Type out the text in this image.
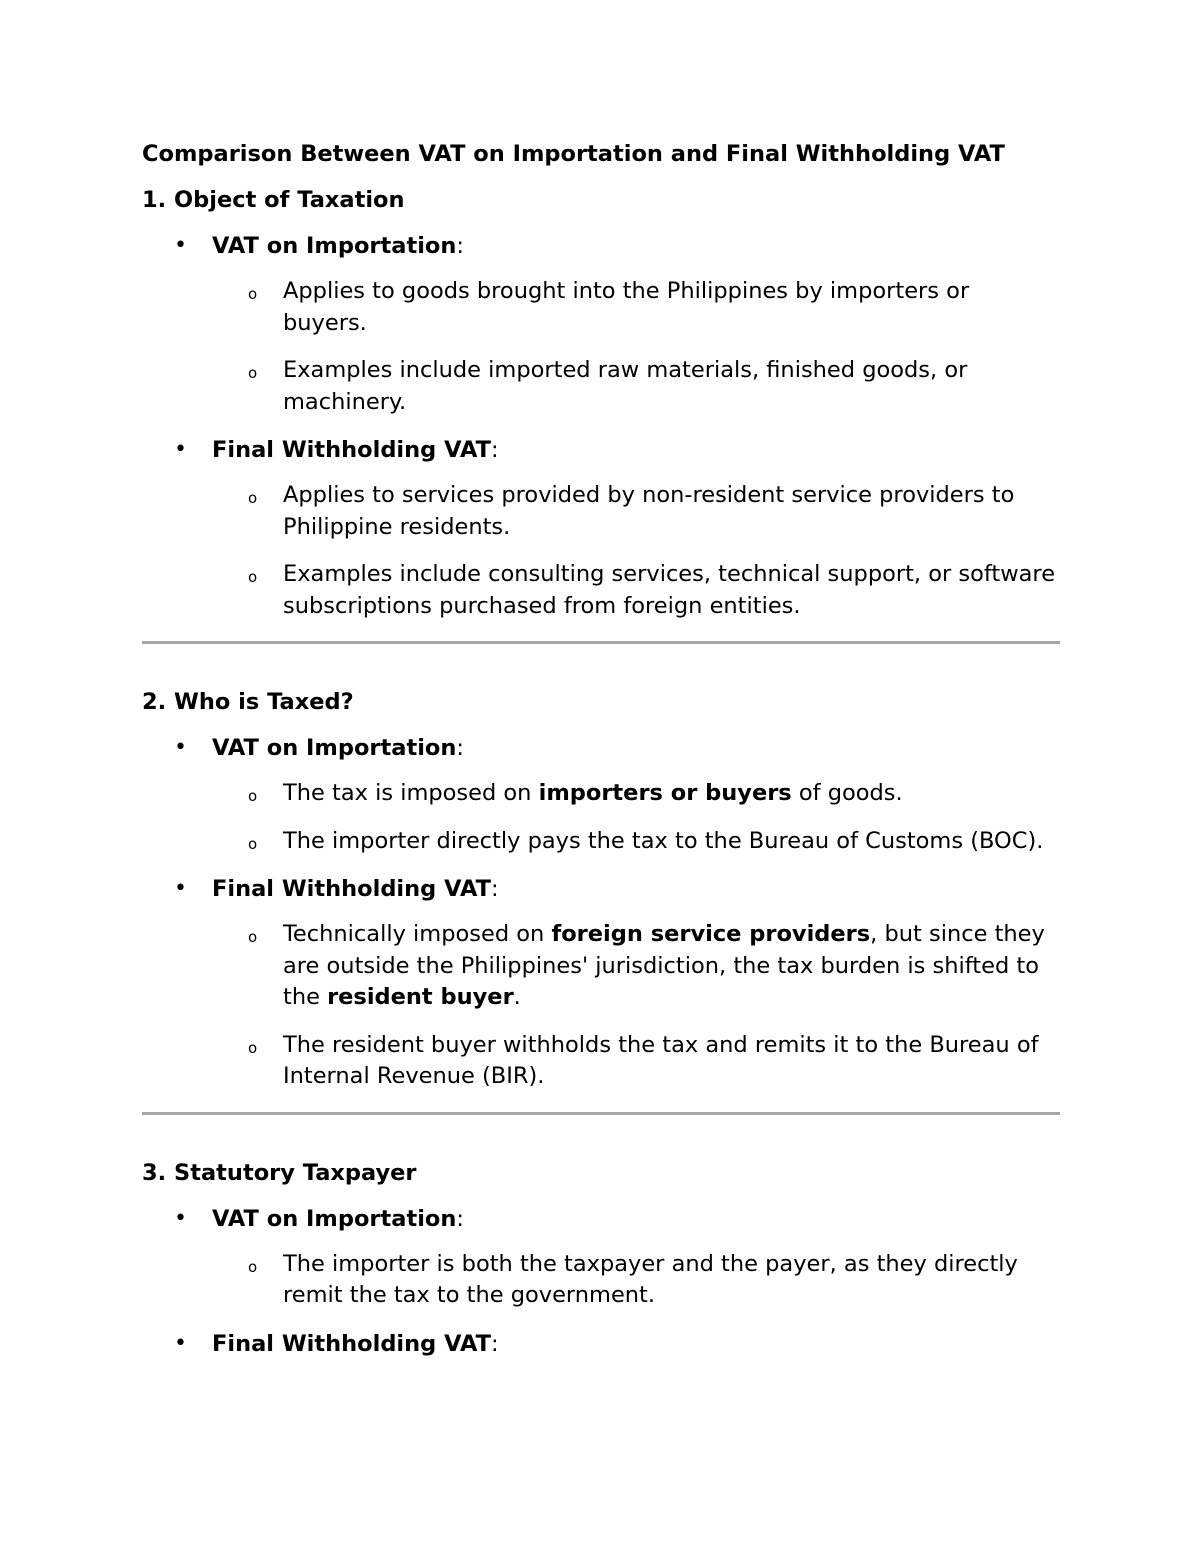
Comparison Between VAT on Importation and Final Withholding VAT
1. Object of Taxation
• VAT on Importation:
o Applies to goods brought into the Philippines by importers or buyers.
o Examples include imported raw materials, finished goods, or machinery.
• Final Withholding VAT:
o Applies to services provided by non-resident service providers to Philippine residents.
o Examples include consulting services, technical support, or software subscriptions purchased from foreign entities.
2. Who is Taxed?
• VAT on Importation:
o The tax is imposed on importers or buyers of goods.
o The importer directly pays the tax to the Bureau of Customs (BOC).
• Final Withholding VAT:
o Technically imposed on foreign service providers, but since they are outside the Philippines' jurisdiction, the tax burden is shifted to the resident buyer.
o The resident buyer withholds the tax and remits it to the Bureau of Internal Revenue (BIR).
3. Statutory Taxpayer
• VAT on Importation:
o The importer is both the taxpayer and the payer, as they directly remit the tax to the government.
• Final Withholding VAT:
